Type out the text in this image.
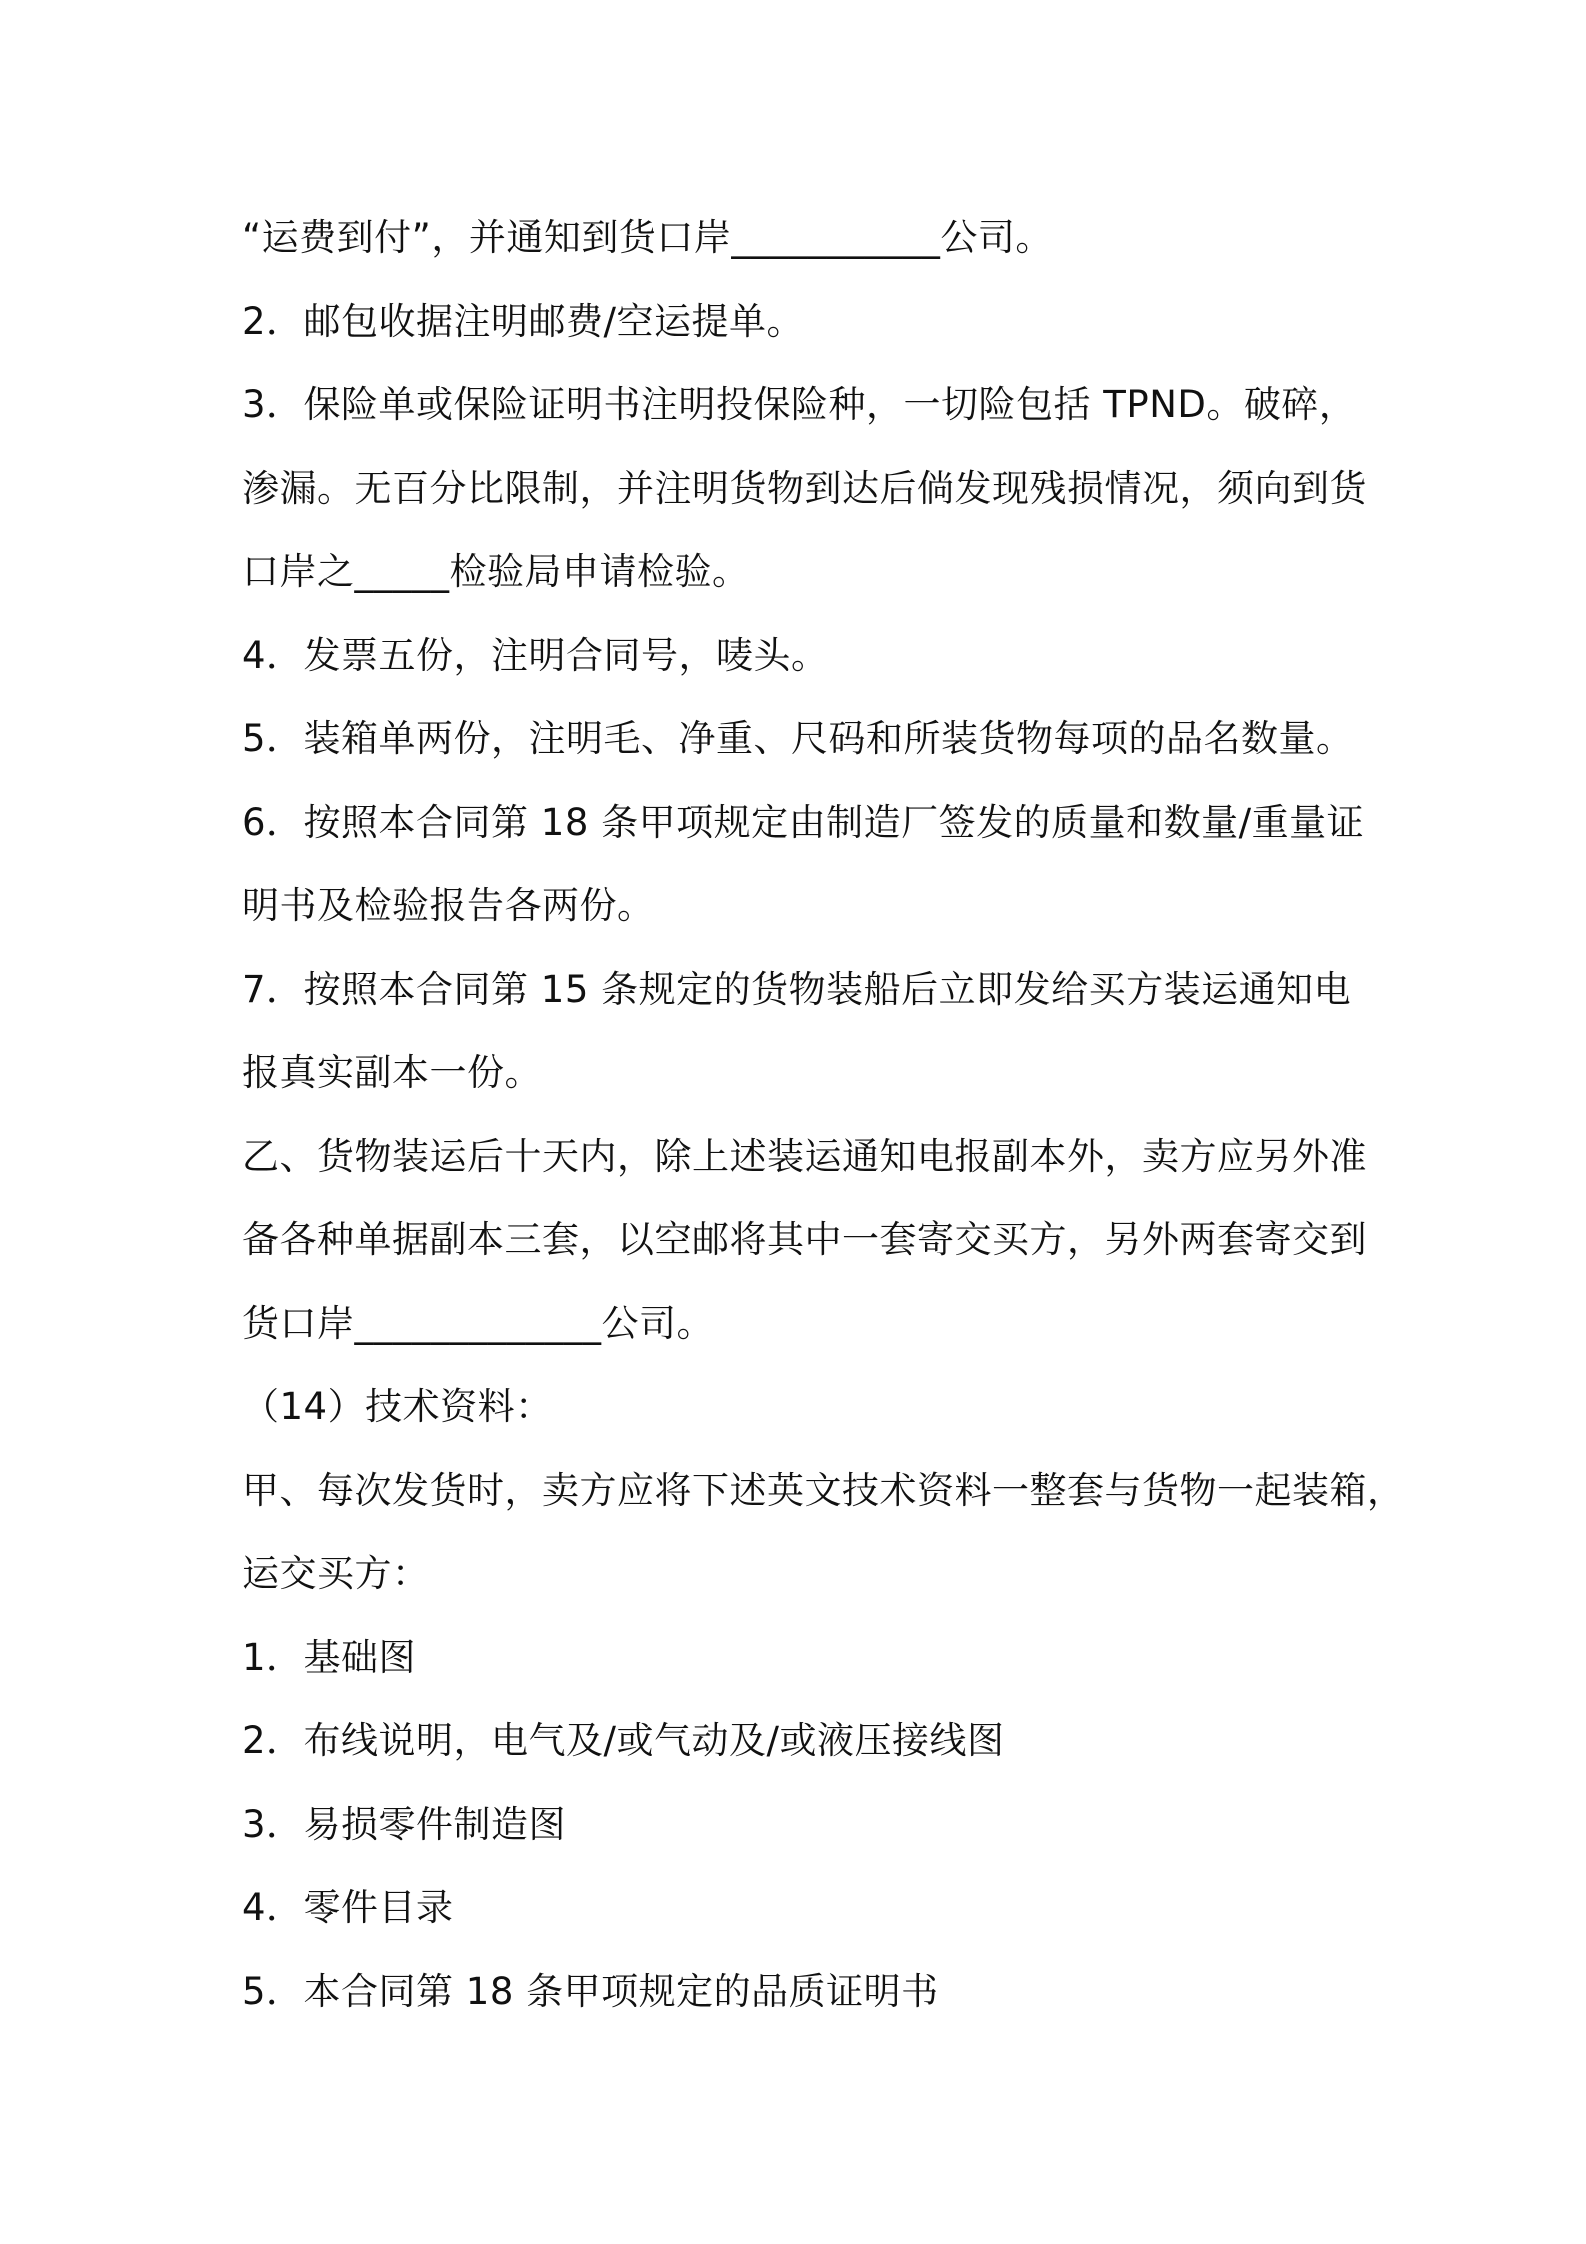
“运费到付”，并通知到货口岸___________公司。
2．邮包收据注明邮费/空运提单。
3．保险单或保险证明书注明投保险种，一切险包括 TPND。破碎，
渗漏。无百分比限制，并注明货物到达后倘发现残损情况，须向到货
口岸之_____检验局申请检验。
4．发票五份，注明合同号，唛头。
5．装箱单两份，注明毛、净重、尺码和所装货物每项的品名数量。
6．按照本合同第 18 条甲项规定由制造厂签发的质量和数量/重量证
明书及检验报告各两份。
7．按照本合同第 15 条规定的货物装船后立即发给买方装运通知电
报真实副本一份。
乙、货物装运后十天内，除上述装运通知电报副本外，卖方应另外准
备各种单据副本三套，以空邮将其中一套寄交买方，另外两套寄交到
货口岸_____________公司。
（14）技术资料：
甲、每次发货时，卖方应将下述英文技术资料一整套与货物一起装箱，
运交买方：
1．基础图
2．布线说明，电气及/或气动及/或液压接线图
3．易损零件制造图
4．零件目录
5．本合同第 18 条甲项规定的品质证明书
